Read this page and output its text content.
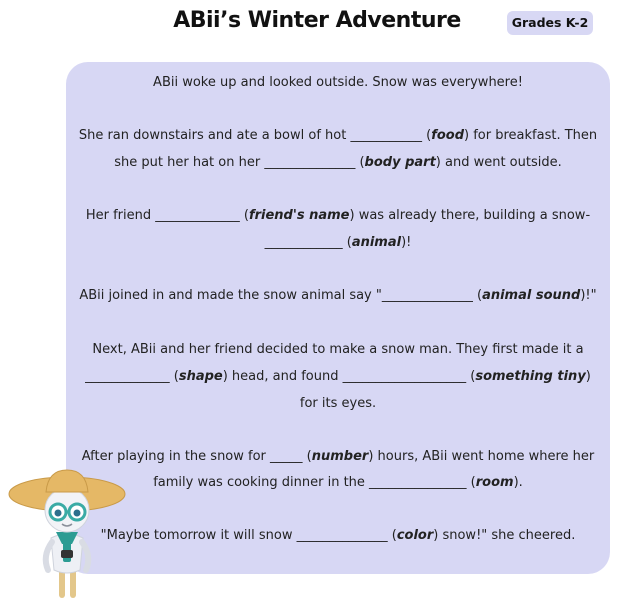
ABii’s Winter Adventure	Grades K-2
ABii woke up and looked outside. Snow was everywhere!
She ran downstairs and ate a bowl of hot ___________ (food) for breakfast. Then
she put her hat on her ______________ (body part) and went outside.
Her friend _____________ (friend's name) was already there, building a snow-
____________ (animal)!
ABii joined in and made the snow animal say "______________ (animal sound)!"
Next, ABii and her friend decided to make a snow man. They first made it a
_____________ (shape) head, and found ___________________ (something tiny)
for its eyes.
After playing in the snow for _____ (number) hours, ABii went home where her
family was cooking dinner in the _______________ (room).
"Maybe tomorrow it will snow ______________ (color) snow!" she cheered.
